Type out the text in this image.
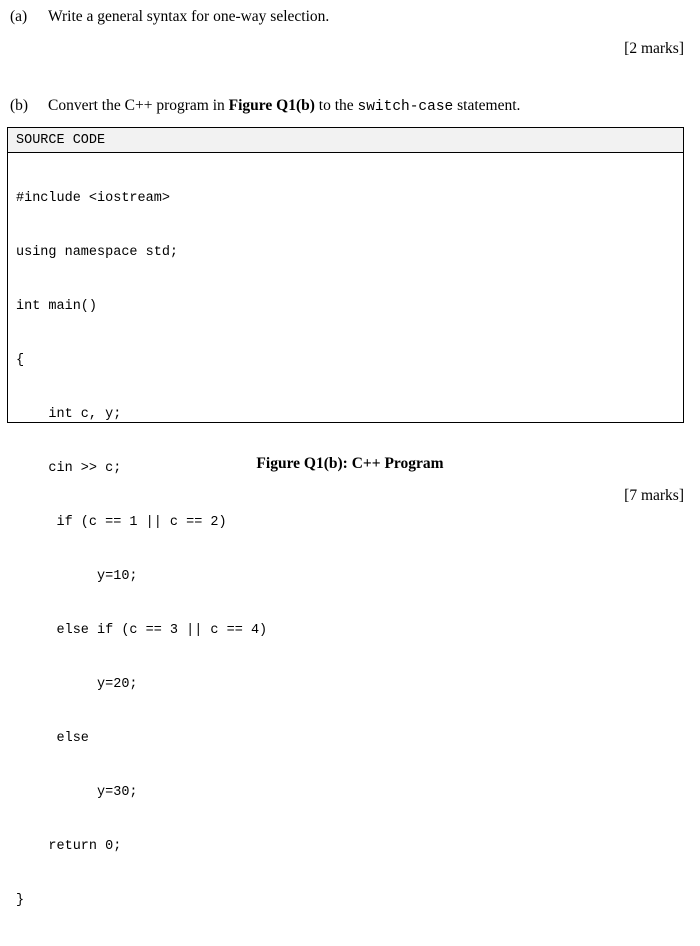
(a) Write a general syntax for one-way selection.
[2 marks]
(b) Convert the C++ program in Figure Q1(b) to the switch-case statement.
SOURCE CODE

#include <iostream>

using namespace std;

int main()

{

int c, y;

cin >> c;

if (c == 1 || c == 2)

y=10;

else if (c == 3 || c == 4)

y=20;

else

y=30;

return 0;

}

Figure Q1(b): C++ Program
[7 marks]
